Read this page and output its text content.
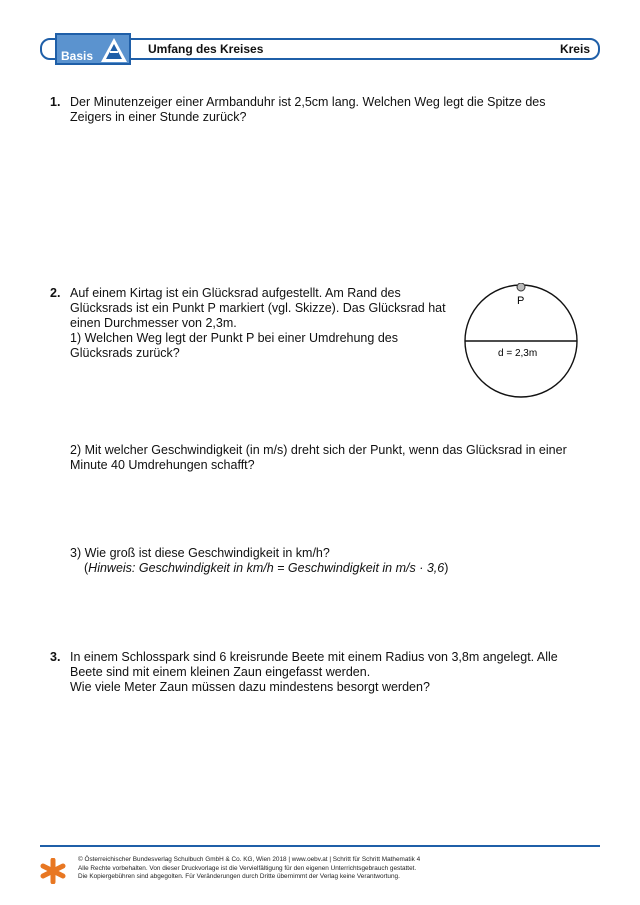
Basis	Umfang des Kreises	Kreis
1. Der Minutenzeiger einer Armbanduhr ist 2,5cm lang. Welchen Weg legt die Spitze des
Zeigers in einer Stunde zurück?
2. Auf einem Kirtag ist ein Glücksrad aufgestellt. Am Rand des
Glücksrads ist ein Punkt P markiert (vgl. Skizze). Das Glücksrad hat
einen Durchmesser von 2,3m.
1) Welchen Weg legt der Punkt P bei einer Umdrehung des
Glücksrads zurück?
P
d = 2,3m
2) Mit welcher Geschwindigkeit (in m/s) dreht sich der Punkt, wenn das Glücksrad in einer
Minute 40 Umdrehungen schafft?
3) Wie groß ist diese Geschwindigkeit in km/h?
(Hinweis: Geschwindigkeit in km/h = Geschwindigkeit in m/s · 3,6)
3. In einem Schlosspark sind 6 kreisrunde Beete mit einem Radius von 3,8m angelegt. Alle
Beete sind mit einem kleinen Zaun eingefasst werden.
Wie viele Meter Zaun müssen dazu mindestens besorgt werden?
© Österreichischer Bundesverlag Schulbuch GmbH & Co. KG, Wien 2018 | www.oebv.at | Schritt für Schritt Mathematik 4
Alle Rechte vorbehalten. Von dieser Druckvorlage ist die Vervielfältigung für den eigenen Unterrichtsgebrauch gestattet.
Die Kopiergebühren sind abgegolten. Für Veränderungen durch Dritte übernimmt der Verlag keine Verantwortung.
